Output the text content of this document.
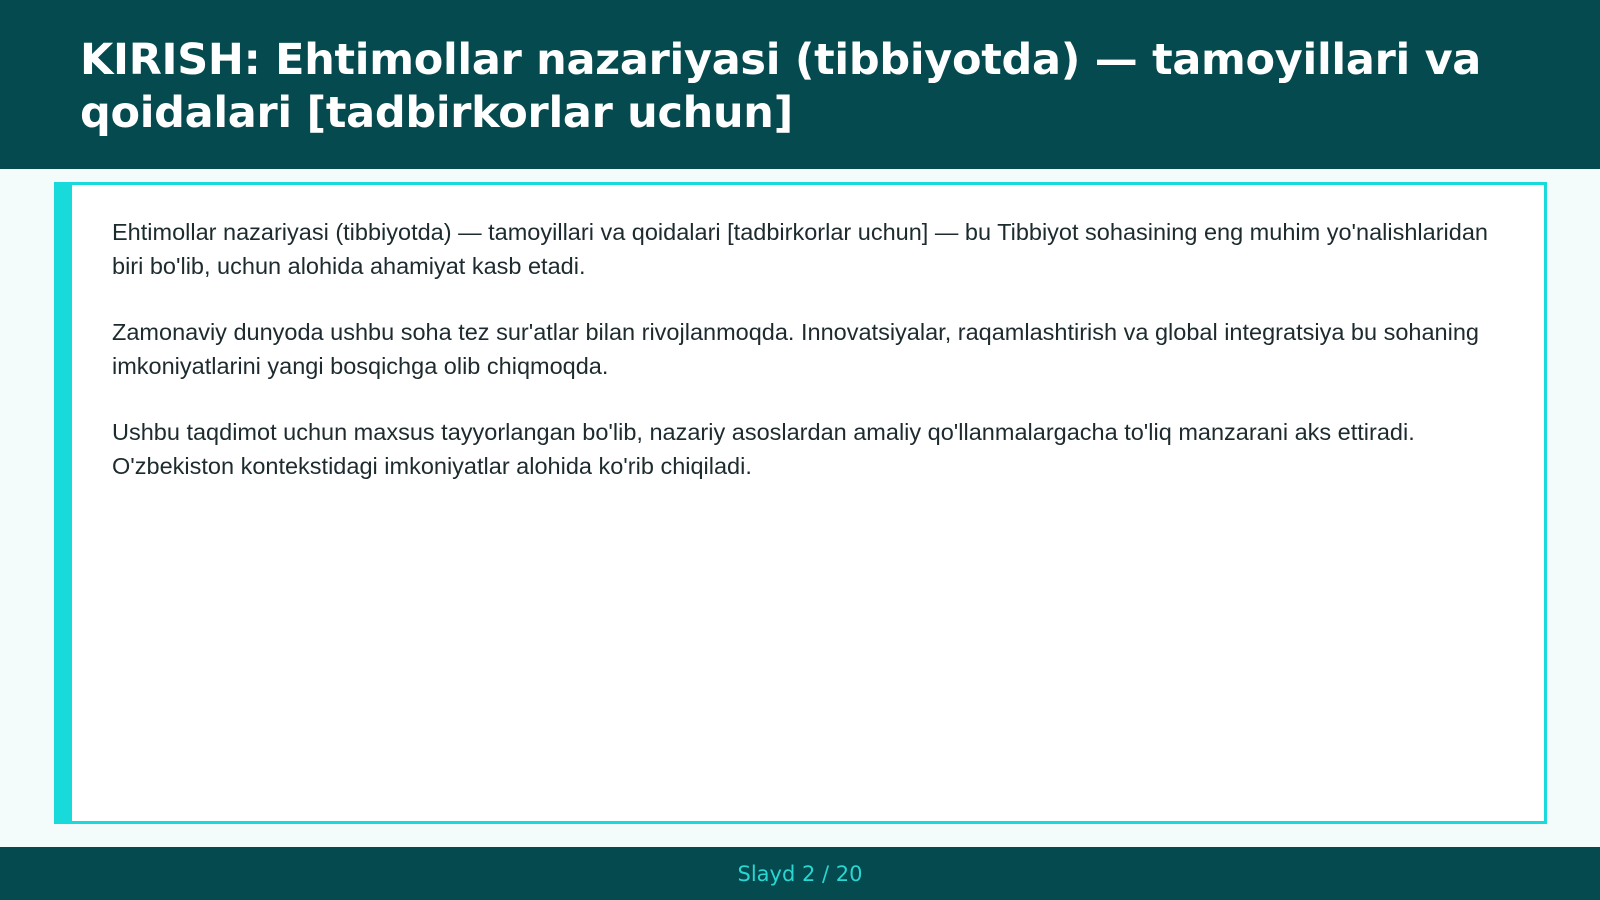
KIRISH: Ehtimollar nazariyasi (tibbiyotda) — tamoyillari va qoidalari [tadbirkorlar uchun]

Ehtimollar nazariyasi (tibbiyotda) — tamoyillari va qoidalari [tadbirkorlar uchun] — bu Tibbiyot sohasining eng muhim yo'nalishlaridan biri bo'lib, uchun alohida ahamiyat kasb etadi.

Zamonaviy dunyoda ushbu soha tez sur'atlar bilan rivojlanmoqda. Innovatsiyalar, raqamlashtirish va global integratsiya bu sohaning imkoniyatlarini yangi bosqichga olib chiqmoqda.

Ushbu taqdimot uchun maxsus tayyorlangan bo'lib, nazariy asoslardan amaliy qo'llanmalargacha to'liq manzarani aks ettiradi. O'zbekiston kontekstidagi imkoniyatlar alohida ko'rib chiqiladi.

Slayd 2 / 20
